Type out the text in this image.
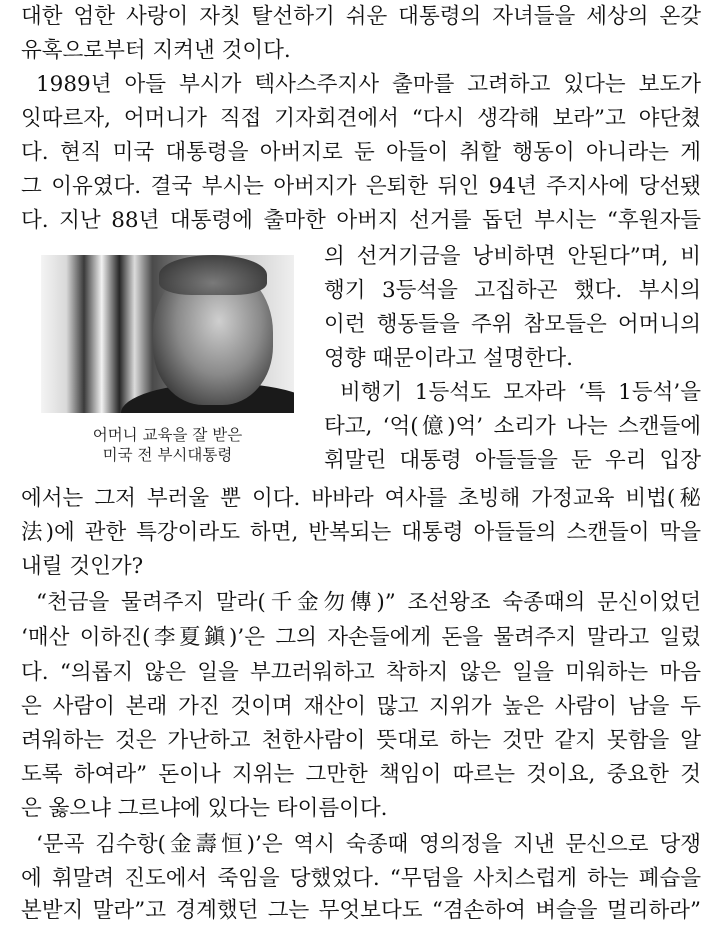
대한 엄한 사랑이 자칫 탈선하기 쉬운 대통령의 자녀들을 세상의 온갖
유혹으로부터 지켜낸 것이다.
1989년 아들 부시가 텍사스주지사 출마를 고려하고 있다는 보도가
잇따르자, 어머니가 직접 기자회견에서 “다시 생각해 보라”고 야단쳤
다. 현직 미국 대통령을 아버지로 둔 아들이 취할 행동이 아니라는 게
그 이유였다. 결국 부시는 아버지가 은퇴한 뒤인 94년 주지사에 당선됐
다. 지난 88년 대통령에 출마한 아버지 선거를 돕던 부시는 “후원자들
의 선거기금을 낭비하면 안된다”며, 비
행기 3등석을 고집하곤 했다. 부시의
이런 행동들을 주위 참모들은 어머니의
영향 때문이라고 설명한다.
비행기 1등석도 모자라 ‘특 1등석’을
타고, ‘억(億)억’ 소리가 나는 스캔들에
휘말린 대통령 아들들을 둔 우리 입장
어머니 교육을 잘 받은
미국 전 부시대통령
에서는 그저 부러울 뿐 이다. 바바라 여사를 초빙해 가정교육 비법(秘
法)에 관한 특강이라도 하면, 반복되는 대통령 아들들의 스캔들이 막을
내릴 것인가?
“천금을 물려주지 말라(千金勿傳)” 조선왕조 숙종때의 문신이었던
‘매산 이하진(李夏鎭)’은 그의 자손들에게 돈을 물려주지 말라고 일렀
다. “의롭지 않은 일을 부끄러워하고 착하지 않은 일을 미워하는 마음
은 사람이 본래 가진 것이며 재산이 많고 지위가 높은 사람이 남을 두
려워하는 것은 가난하고 천한사람이 뜻대로 하는 것만 같지 못함을 알
도록 하여라” 돈이나 지위는 그만한 책임이 따르는 것이요, 중요한 것
은 옳으냐 그르냐에 있다는 타이름이다.
‘문곡 김수항(金壽恒)’은 역시 숙종때 영의정을 지낸 문신으로 당쟁
에 휘말려 진도에서 죽임을 당했었다. “무덤을 사치스럽게 하는 폐습을
본받지 말라”고 경계했던 그는 무엇보다도 “겸손하여 벼슬을 멀리하라”
